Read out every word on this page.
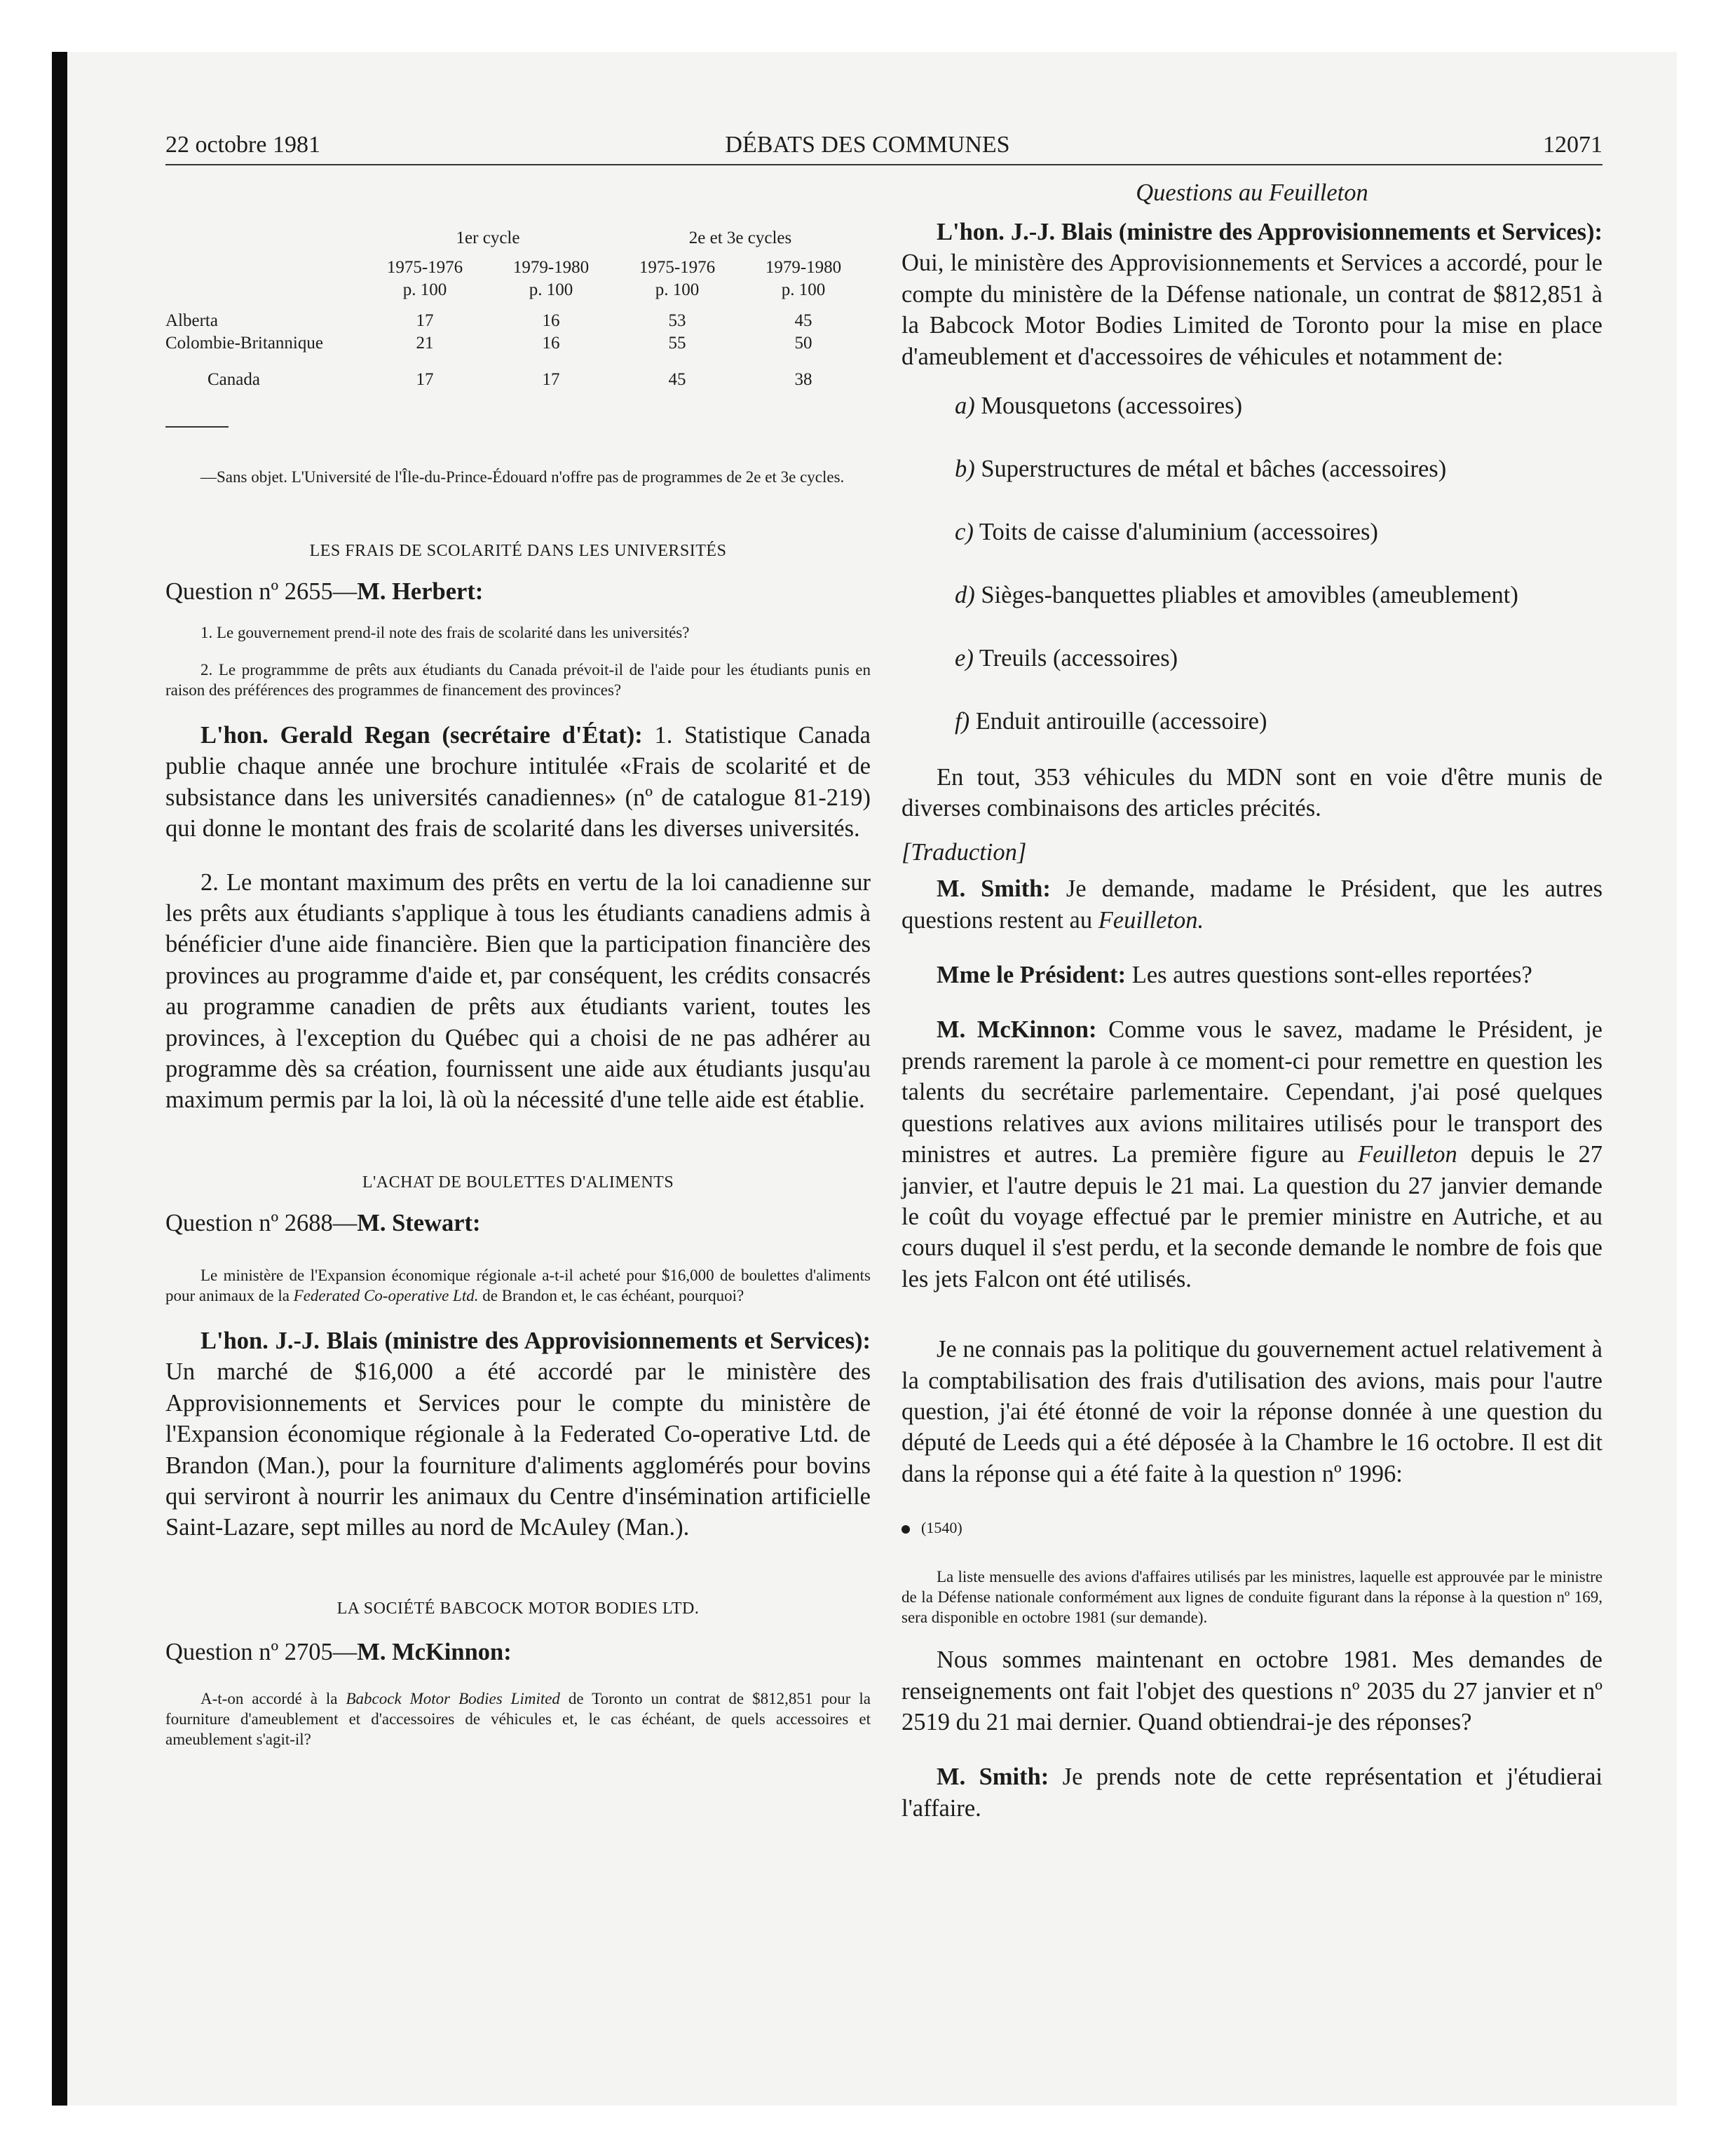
22 octobre 1981	DÉBATS DES COMMUNES	12071
	1er cycle		2e et 3e cycles	
	1975-1976	1979-1980	1975-1976	1979-1980
	p. 100	p. 100	p. 100	p. 100
Alberta	17	16	53	45
Colombie-Britannique	21	16	55	50
Canada	17	17	45	38

—Sans objet. L'Université de l'Île-du-Prince-Édouard n'offre pas de programmes de 2e et 3e cycles.

LES FRAIS DE SCOLARITÉ DANS LES UNIVERSITÉS

Question nº 2655—M. Herbert:

1. Le gouvernement prend-il note des frais de scolarité dans les universités?

2. Le programmme de prêts aux étudiants du Canada prévoit-il de l'aide pour les étudiants punis en raison des préférences des programmes de financement des provinces?

L'hon. Gerald Regan (secrétaire d'État): 1. Statistique Canada publie chaque année une brochure intitulée «Frais de scolarité et de subsistance dans les universités canadiennes» (nº de catalogue 81-219) qui donne le montant des frais de scolarité dans les diverses universités.

2. Le montant maximum des prêts en vertu de la loi canadienne sur les prêts aux étudiants s'applique à tous les étudiants canadiens admis à bénéficier d'une aide financière. Bien que la participation financière des provinces au programme d'aide et, par conséquent, les crédits consacrés au programme canadien de prêts aux étudiants varient, toutes les provinces, à l'exception du Québec qui a choisi de ne pas adhérer au programme dès sa création, fournissent une aide aux étudiants jusqu'au maximum permis par la loi, là où la nécessité d'une telle aide est établie.

L'ACHAT DE BOULETTES D'ALIMENTS

Question nº 2688—M. Stewart:

Le ministère de l'Expansion économique régionale a-t-il acheté pour $16,000 de boulettes d'aliments pour animaux de la Federated Co-operative Ltd. de Brandon et, le cas échéant, pourquoi?

L'hon. J.-J. Blais (ministre des Approvisionnements et Services): Un marché de $16,000 a été accordé par le ministère des Approvisionnements et Services pour le compte du ministère de l'Expansion économique régionale à la Federated Co-operative Ltd. de Brandon (Man.), pour la fourniture d'aliments agglomérés pour bovins qui serviront à nourrir les animaux du Centre d'insémination artificielle Saint-Lazare, sept milles au nord de McAuley (Man.).

LA SOCIÉTÉ BABCOCK MOTOR BODIES LTD.

Question nº 2705—M. McKinnon:

A-t-on accordé à la Babcock Motor Bodies Limited de Toronto un contrat de $812,851 pour la fourniture d'ameublement et d'accessoires de véhicules et, le cas échéant, de quels accessoires et ameublement s'agit-il?

Questions au Feuilleton

L'hon. J.-J. Blais (ministre des Approvisionnements et Services): Oui, le ministère des Approvisionnements et Services a accordé, pour le compte du ministère de la Défense nationale, un contrat de $812,851 à la Babcock Motor Bodies Limited de Toronto pour la mise en place d'ameublement et d'accessoires de véhicules et notamment de:

a) Mousquetons (accessoires)

b) Superstructures de métal et bâches (accessoires)

c) Toits de caisse d'aluminium (accessoires)

d) Sièges-banquettes pliables et amovibles (ameublement)

e) Treuils (accessoires)

f) Enduit antirouille (accessoire)

En tout, 353 véhicules du MDN sont en voie d'être munis de diverses combinaisons des articles précités.

[Traduction]

M. Smith: Je demande, madame le Président, que les autres questions restent au Feuilleton.

Mme le Président: Les autres questions sont-elles reportées?

M. McKinnon: Comme vous le savez, madame le Président, je prends rarement la parole à ce moment-ci pour remettre en question les talents du secrétaire parlementaire. Cependant, j'ai posé quelques questions relatives aux avions militaires utilisés pour le transport des ministres et autres. La première figure au Feuilleton depuis le 27 janvier, et l'autre depuis le 21 mai. La question du 27 janvier demande le coût du voyage effectué par le premier ministre en Autriche, et au cours duquel il s'est perdu, et la seconde demande le nombre de fois que les jets Falcon ont été utilisés.

Je ne connais pas la politique du gouvernement actuel relativement à la comptabilisation des frais d'utilisation des avions, mais pour l'autre question, j'ai été étonné de voir la réponse donnée à une question du député de Leeds qui a été déposée à la Chambre le 16 octobre. Il est dit dans la réponse qui a été faite à la question nº 1996:

(1540)

La liste mensuelle des avions d'affaires utilisés par les ministres, laquelle est approuvée par le ministre de la Défense nationale conformément aux lignes de conduite figurant dans la réponse à la question nº 169, sera disponible en octobre 1981 (sur demande).

Nous sommes maintenant en octobre 1981. Mes demandes de renseignements ont fait l'objet des questions nº 2035 du 27 janvier et nº 2519 du 21 mai dernier. Quand obtiendrai-je des réponses?

M. Smith: Je prends note de cette représentation et j'étudierai l'affaire.
